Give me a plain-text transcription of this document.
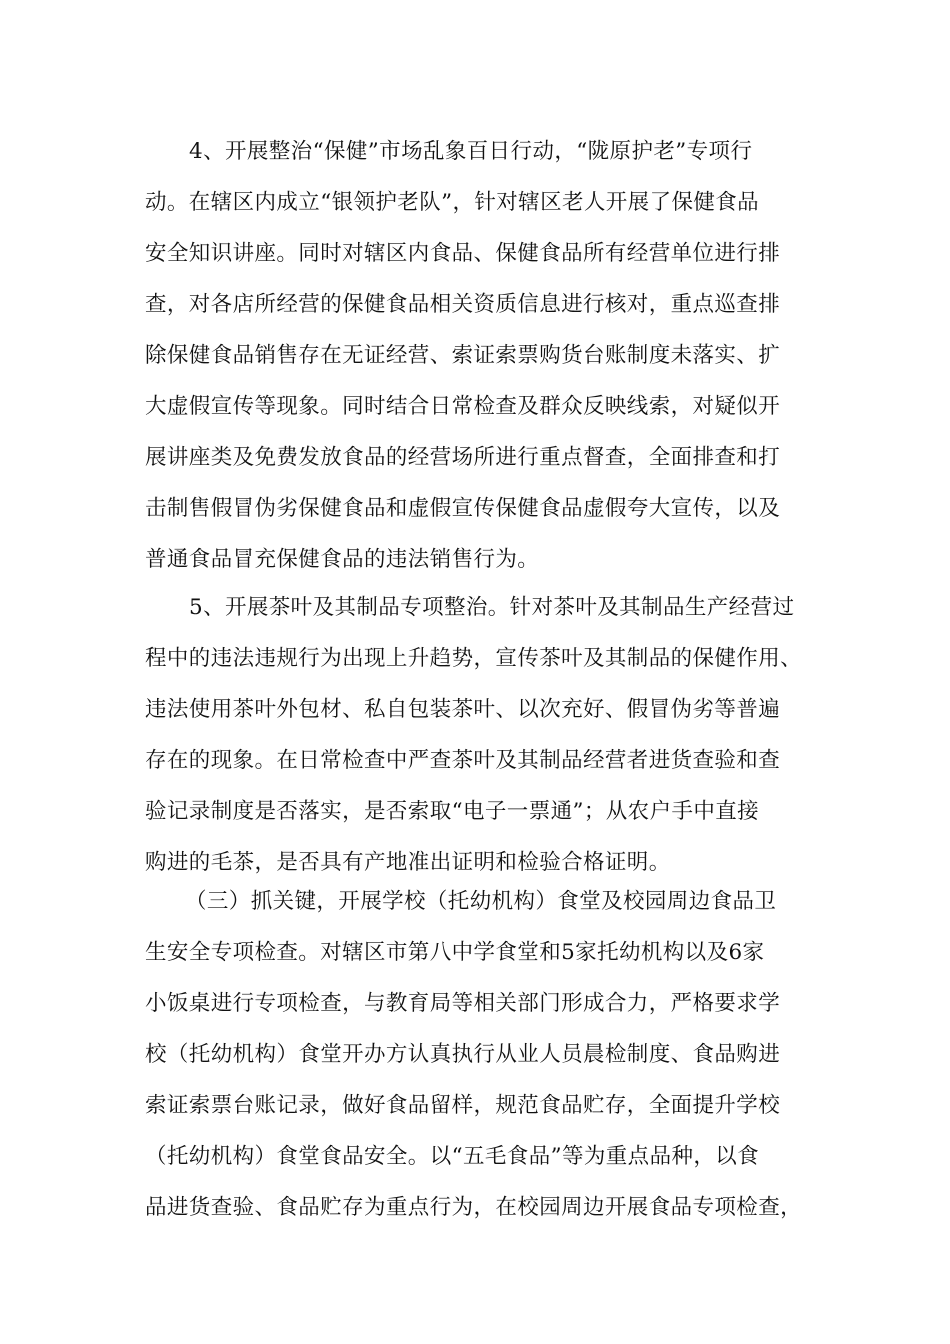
4、开展整治“保健”市场乱象百日行动，“陇原护老”专项行
动。在辖区内成立“银领护老队”，针对辖区老人开展了保健食品
安全知识讲座。同时对辖区内食品、保健食品所有经营单位进行排
查，对各店所经营的保健食品相关资质信息进行核对，重点巡查排
除保健食品销售存在无证经营、索证索票购货台账制度未落实、扩
大虚假宣传等现象。同时结合日常检查及群众反映线索，对疑似开
展讲座类及免费发放食品的经营场所进行重点督查，全面排查和打
击制售假冒伪劣保健食品和虚假宣传保健食品虚假夸大宣传，以及
普通食品冒充保健食品的违法销售行为。
5、开展茶叶及其制品专项整治。针对茶叶及其制品生产经营过
程中的违法违规行为出现上升趋势，宣传茶叶及其制品的保健作用、
违法使用茶叶外包材、私自包装茶叶、以次充好、假冒伪劣等普遍
存在的现象。在日常检查中严查茶叶及其制品经营者进货查验和查
验记录制度是否落实，是否索取“电子一票通”；从农户手中直接
购进的毛茶，是否具有产地准出证明和检验合格证明。
（三）抓关键，开展学校（托幼机构）食堂及校园周边食品卫
生安全专项检查。对辖区市第八中学食堂和5家托幼机构以及6家
小饭桌进行专项检查，与教育局等相关部门形成合力，严格要求学
校（托幼机构）食堂开办方认真执行从业人员晨检制度、食品购进
索证索票台账记录，做好食品留样，规范食品贮存，全面提升学校
（托幼机构）食堂食品安全。以“五毛食品”等为重点品种，以食
品进货查验、食品贮存为重点行为，在校园周边开展食品专项检查，
